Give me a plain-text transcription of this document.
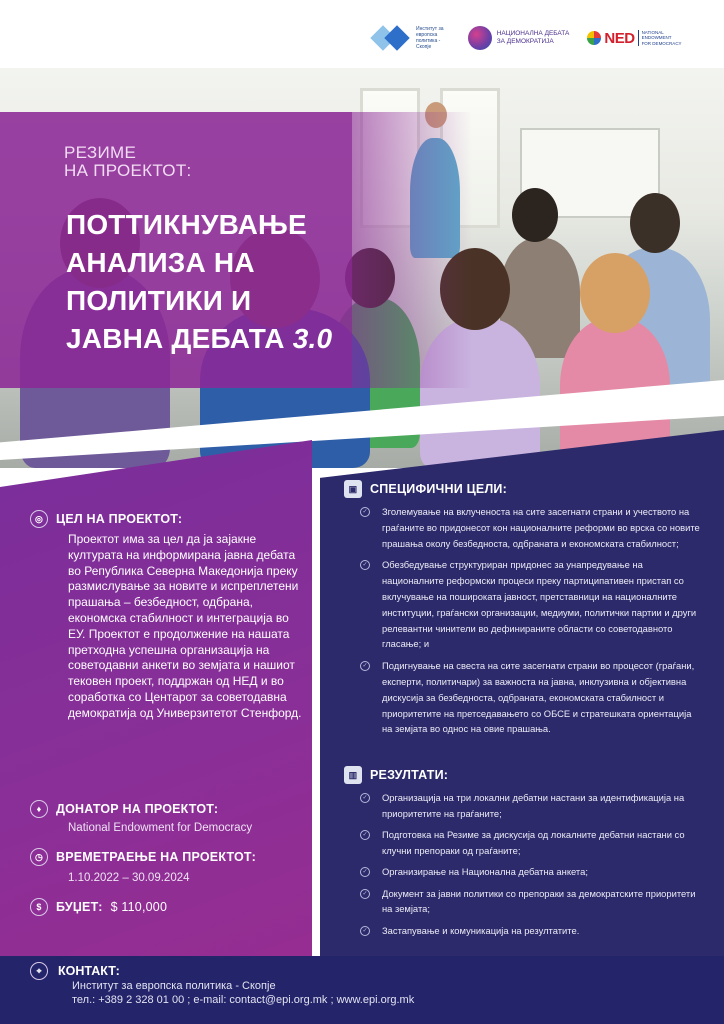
Институт за европска политика - Скопје
НАЦИОНАЛНА ДЕБАТА ЗА ДЕМОКРАТИЈА	NED	NATIONAL ENDOWMENT FOR DEMOCRACY
РЕЗИМЕ
НА ПРОЕКТОТ:
ПОТТИКНУВАЊЕ
АНАЛИЗА НА
ПОЛИТИКИ И
ЈАВНА ДЕБАТА 3.0
◎	ЦЕЛ НА ПРОЕКТОТ:
Проектот има за цел да ја зајакне културата на информирана јавна дебата во Република Северна Македонија преку размислување за новите и испреплетени прашања – безбедност, одбрана, економска стабилност и интеграција во ЕУ. Проектот е продолжение на нашата претходна успешна организација на советодавни анкети во земјата и нашиот тековен проект, поддржан од НЕД и во соработка со Центарот за советодавна демократија од Универзитетот Стенфорд.
♦	ДОНАТОР НА ПРОЕКТОТ:
National Endowment for Democracy
◷	ВРЕМЕТРАЕЊЕ НА ПРОЕКТОТ:
1.10.2022 – 30.09.2024
$	БУЏЕТ: $ 110,000
▣	СПЕЦИФИЧНИ ЦЕЛИ:
✓ Зголемување на вклученоста на сите засегнати страни и учеството на граѓаните во придонесот кон националните реформи во врска со новите прашања околу безбедноста, одбраната и економската стабилност;
✓ Обезбедување структуриран придонес за унапредување на националните реформски процеси преку партиципативен пристап со вклучување на пошироката јавност, претставници на националните институции, граѓански организации, медиуми, политички партии и други релевантни чинители во дефинираните области со советодавното гласање; и
✓ Подигнување на свеста на сите засегнати страни во процесот (граѓани, експерти, политичари) за важноста на јавна, инклузивна и објективна дискусија за безбедноста, одбраната, економската стабилност и приоритетите на претседавањето со ОБСЕ и стратешката ориентација на земјата во однос на овие прашања.
▥	РЕЗУЛТАТИ:
✓ Организација на три локални дебатни настани за идентификација на приоритетите на граѓаните;
✓ Подготовка на Резиме за дискусија од локалните дебатни настани со клучни препораки од граѓаните;
✓ Организирање на Национална дебатна анкета;
✓ Документ за јавни политики со препораки за демократските приоритети на земјата;
✓ Застапување и комуникација на резултатите.
⌖	КОНТАКТ:
Институт за европска политика - Скопје
тел.: +389 2 328 01 00 ; e-mail: contact@epi.org.mk ; www.epi.org.mk
